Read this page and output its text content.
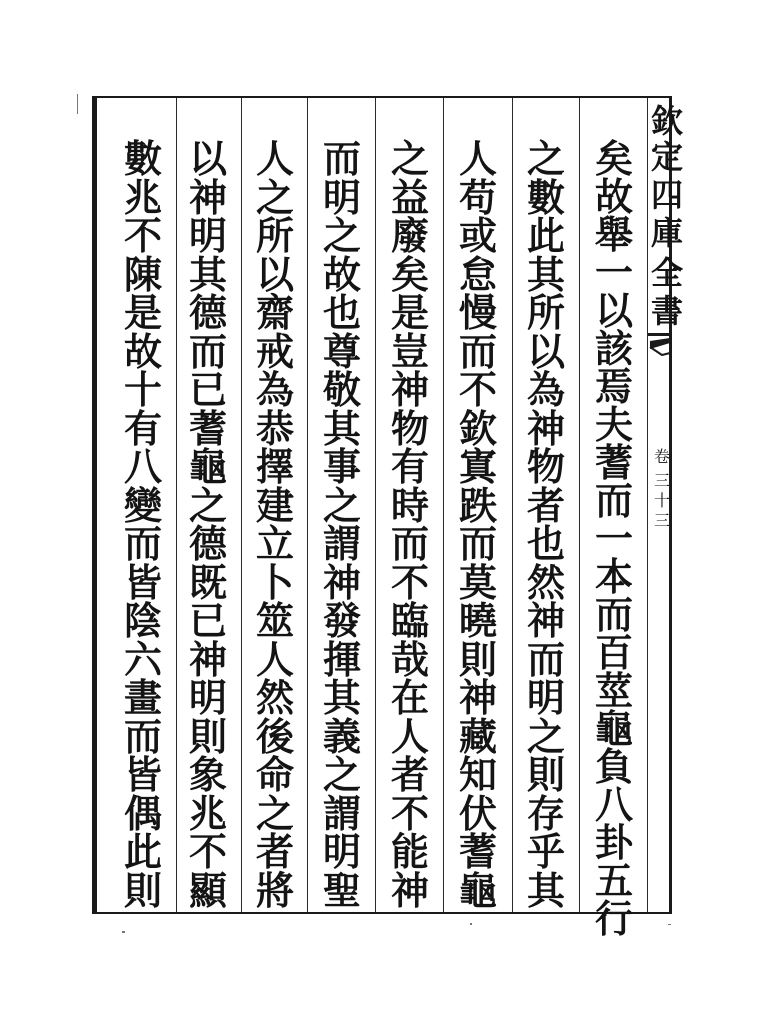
矣
故
舉
一
以
該
焉
夫
蓍
而
一
本
而
百
莖
龜
負
八
卦
五
行
之
數
此
其
所
以
為
神
物
者
也
然
神
而
明
之
則
存
乎
其
人
苟
或
怠
慢
而
不
欽
寘
跌
而
莫
曉
則
神
藏
知
伏
蓍
龜
之
益
廢
矣
是
豈
神
物
有
時
而
不
臨
哉
在
人
者
不
能
神
而
明
之
故
也
尊
敬
其
事
之
謂
神
發
揮
其
義
之
謂
明
聖
人
之
所
以
齋
戒
為
恭
擇
建
立
卜
筮
人
然
後
命
之
者
將
以
神
明
其
德
而
已
蓍
龜
之
德
既
已
神
明
則
象
兆
不
顯
數
兆
不
陳
是
故
十
有
八
變
而
皆
陰
六
畫
而
皆
偶
此
則
欽
定
四
庫
全
書
卷
三
十
三
